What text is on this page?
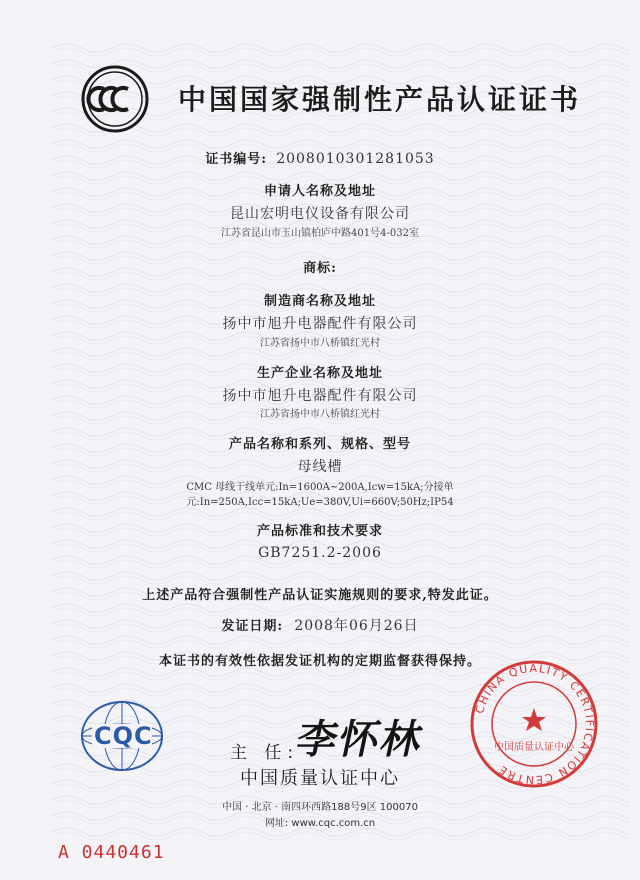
中国国家强制性产品认证证书
证书编号: 2008010301281053
申请人名称及地址
昆山宏明电仪设备有限公司
江苏省昆山市玉山镇柏庐中路401号4-032室
商标:
制造商名称及地址
扬中市旭升电器配件有限公司
江苏省扬中市八桥镇红光村
生产企业名称及地址
扬中市旭升电器配件有限公司
江苏省扬中市八桥镇红光村
产品名称和系列、规格、型号
母线槽
CMC 母线干线单元:In=1600A~200A,Icw=15kA;分接单
元:In=250A,Icc=15kA;Ue=380V,Ui=660V;50Hz;IP54
产品标准和技术要求
GB7251.2-2006
上述产品符合强制性产品认证实施规则的要求,特发此证。
发证日期: 2008年06月26日
本证书的有效性依据发证机构的定期监督获得保持。
CQC
主 任:
李怀林
CHINA QUALITY CERTIFICATION CENTRE
中国质量认证中心
中国质量认证中心
中国 · 北京 · 南四环西路188号9区 100070
网址: www.cqc.com.cn
A 0440461
